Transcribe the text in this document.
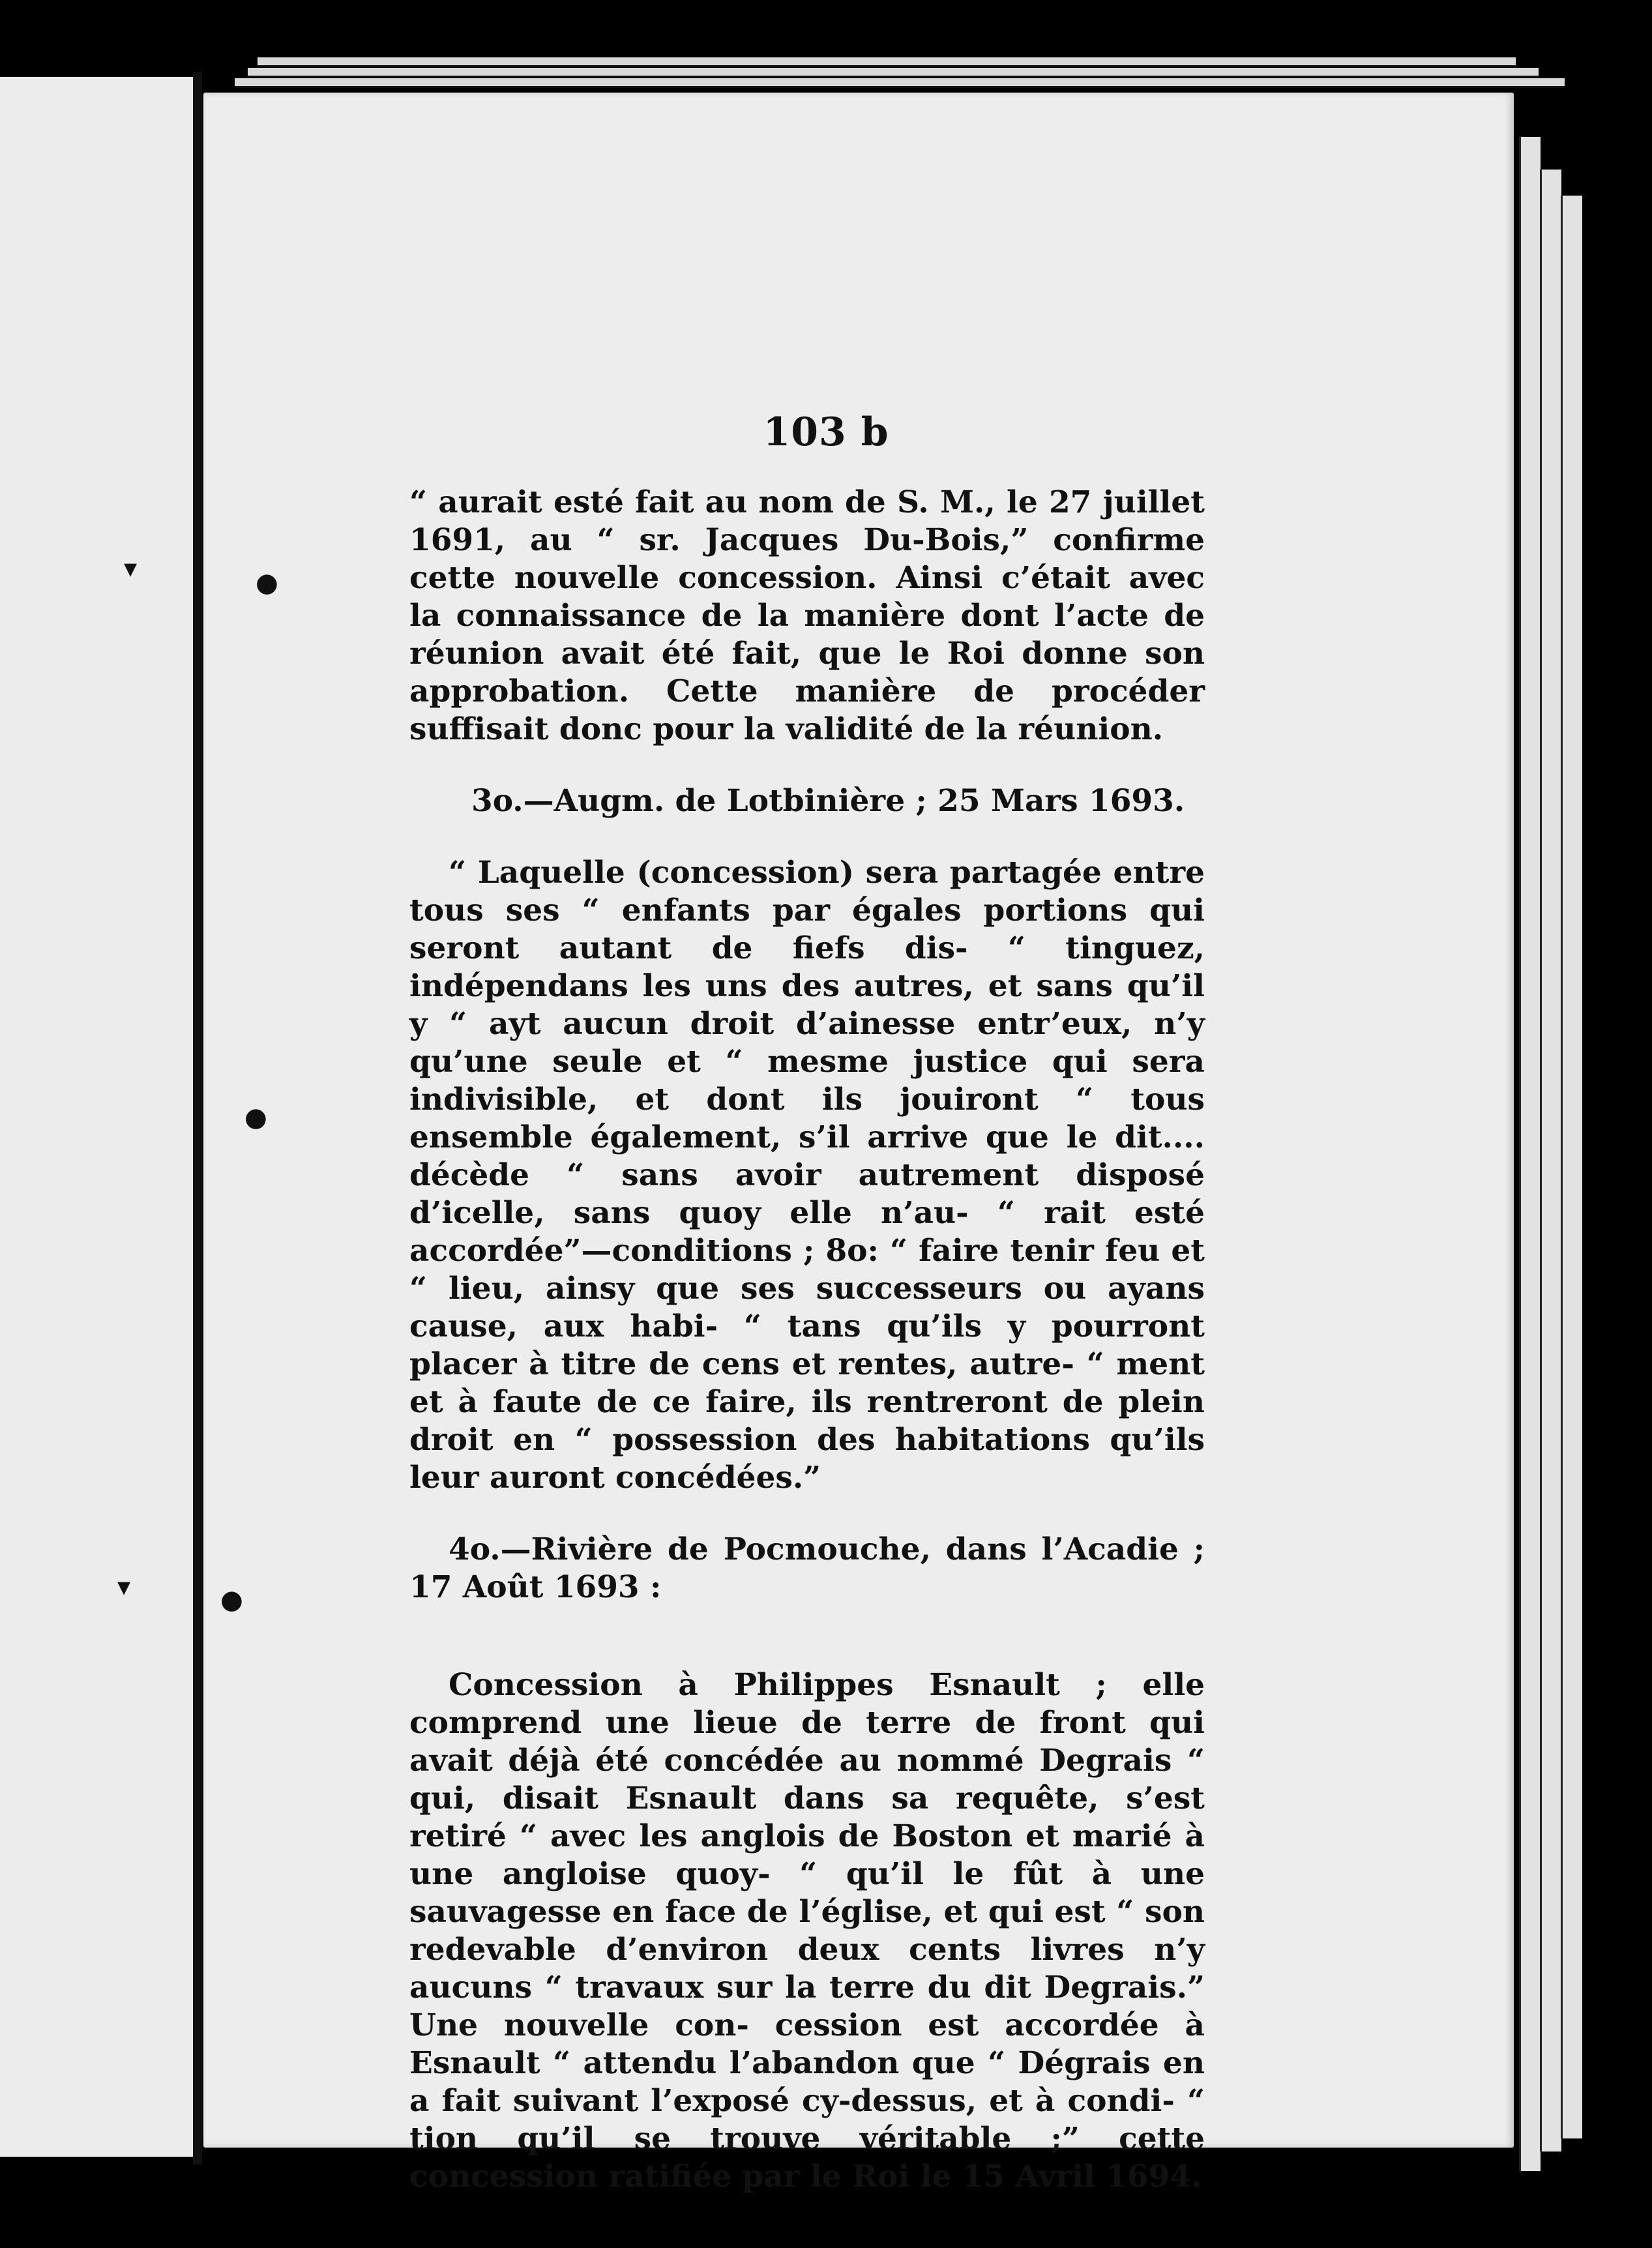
▾	●
●
▾	●
103 b

“ aurait esté fait au nom de S. M., le 27 juillet 1691, au “ sr. Jacques Du-Bois,” confirme cette nouvelle concession. Ainsi c’était avec la connaissance de la manière dont l’acte de réunion avait été fait, que le Roi donne son approbation. Cette manière de procéder suffisait donc pour la validité de la réunion.

3o.—Augm. de Lotbinière ; 25 Mars 1693.

“ Laquelle (concession) sera partagée entre tous ses “ enfants par égales portions qui seront autant de fiefs dis- “ tinguez, indépendans les uns des autres, et sans qu’il y “ ayt aucun droit d’ainesse entr’eux, n’y qu’une seule et “ mesme justice qui sera indivisible, et dont ils jouiront “ tous ensemble également, s’il arrive que le dit.... décède “ sans avoir autrement disposé d’icelle, sans quoy elle n’au- “ rait esté accordée”—conditions ; 8o: “ faire tenir feu et “ lieu, ainsy que ses successeurs ou ayans cause, aux habi- “ tans qu’ils y pourront placer à titre de cens et rentes, autre- “ ment et à faute de ce faire, ils rentreront de plein droit en “ possession des habitations qu’ils leur auront concédées.”

4o.—Rivière de Pocmouche, dans l’Acadie ; 17 Août 1693 :

Concession à Philippes Esnault ; elle comprend une lieue de terre de front qui avait déjà été concédée au nommé Degrais “ qui, disait Esnault dans sa requête, s’est retiré “ avec les anglois de Boston et marié à une angloise quoy- “ qu’il le fût à une sauvagesse en face de l’église, et qui est “ son redevable d’environ deux cents livres n’y aucuns “ travaux sur la terre du dit Degrais.” Une nouvelle con- cession est accordée à Esnault “ attendu l’abandon que “ Dégrais en a fait suivant l’exposé cy-dessus, et à condi- “ tion qu’il se trouve véritable ;” cette concession ratifiée par le Roi le 15 Avril 1694.
